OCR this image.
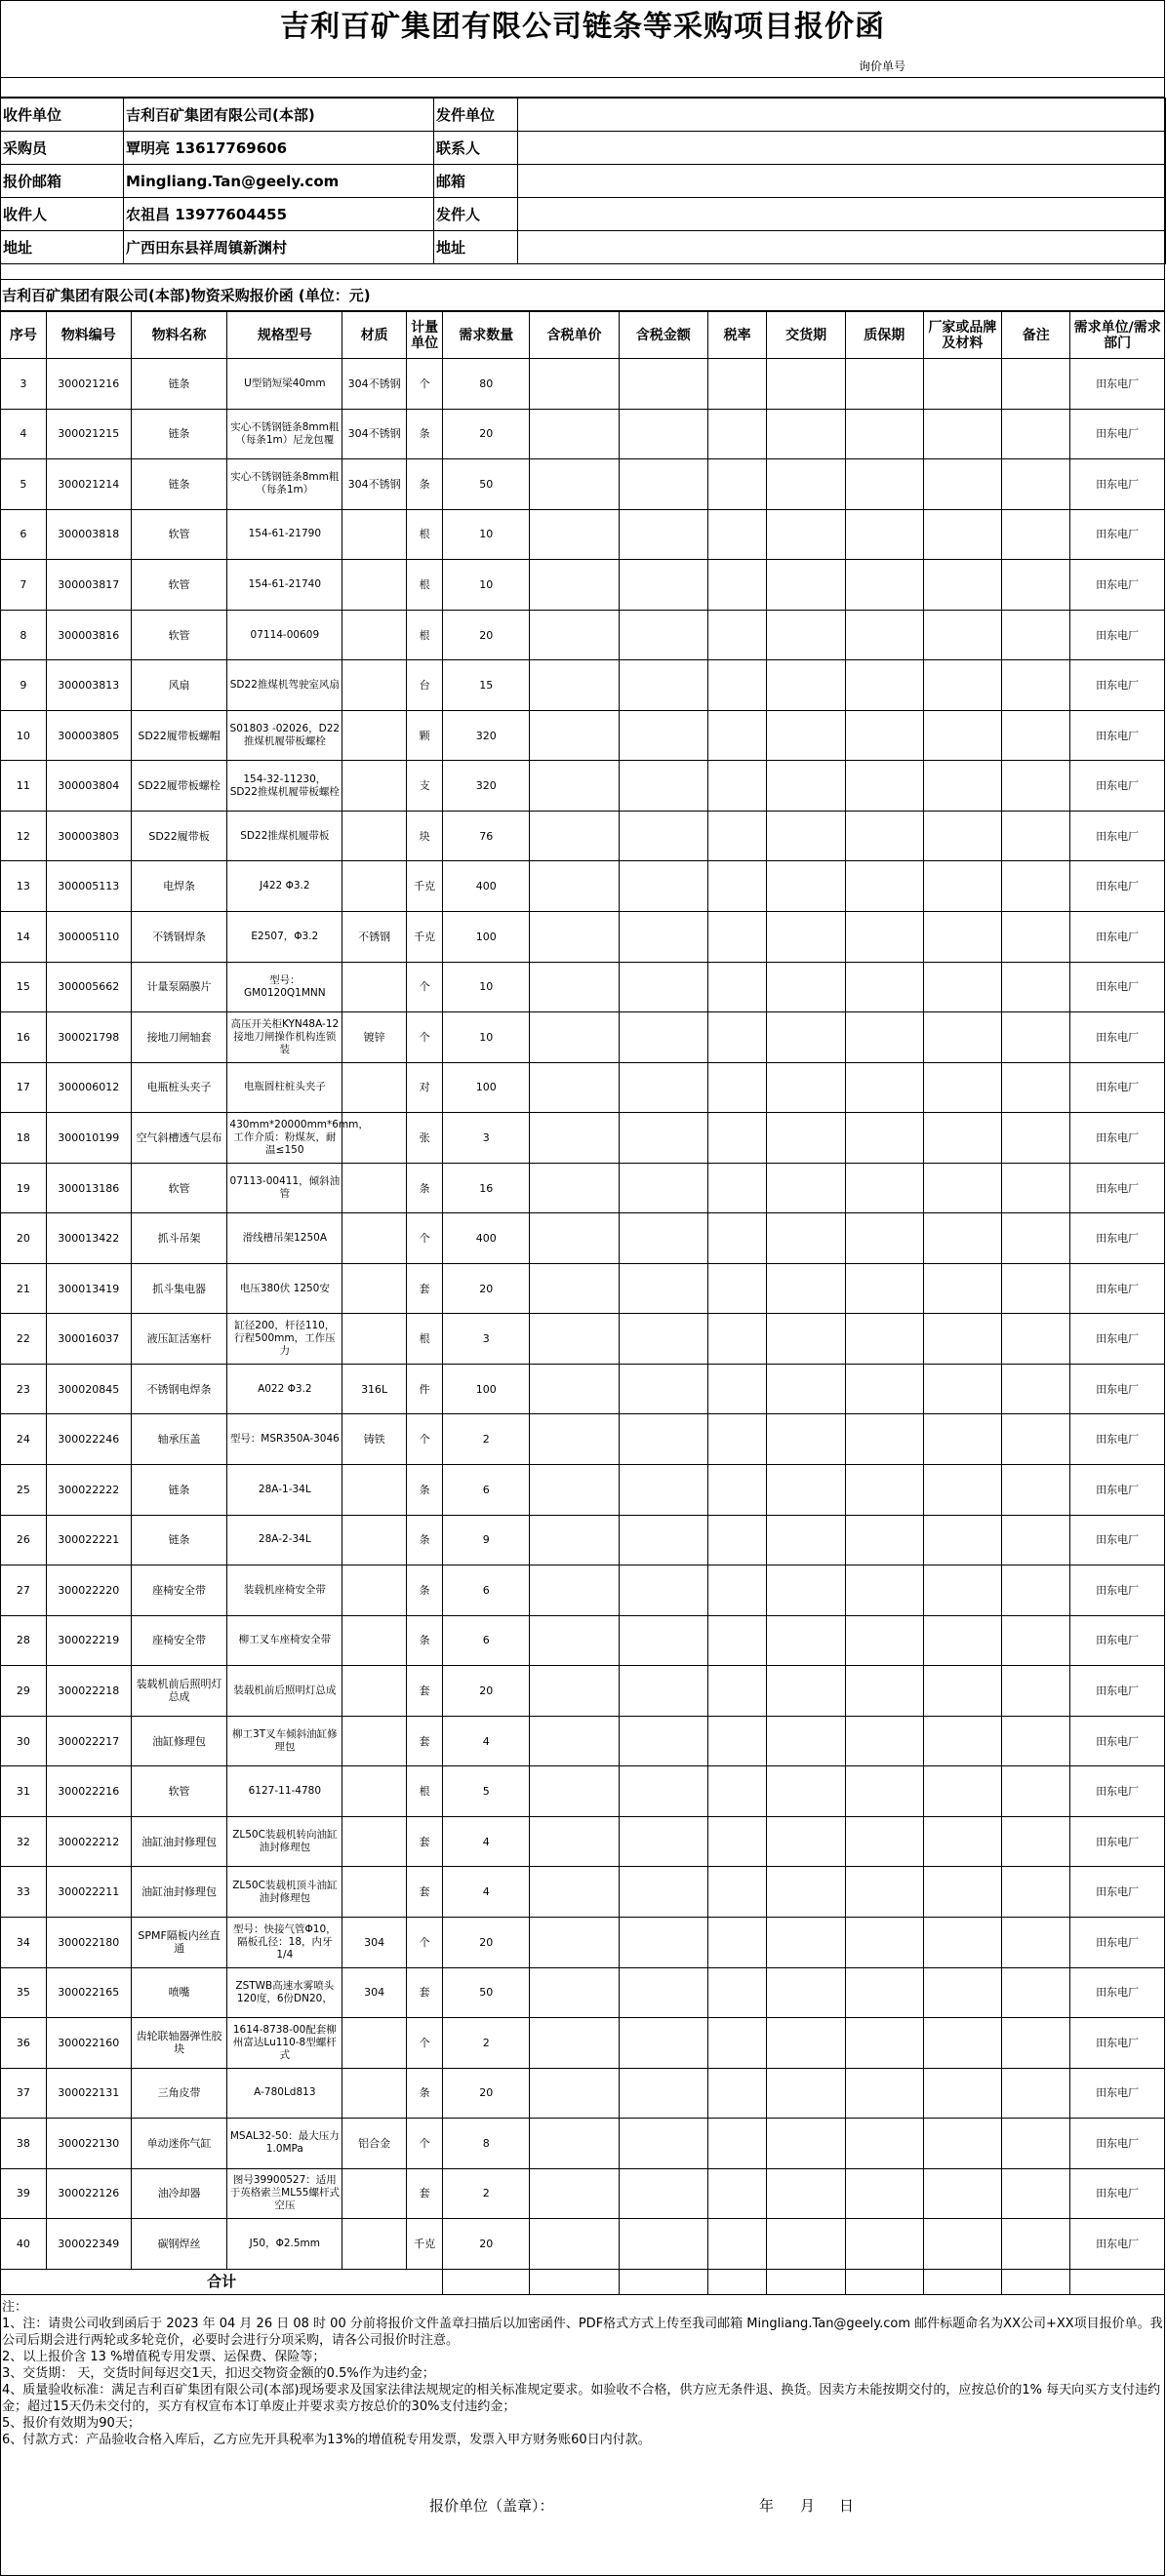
吉利百矿集团有限公司链条等采购项目报价函
询价单号
收件单位	吉利百矿集团有限公司(本部)	发件单位	
采购员	覃明亮 13617769606	联系人	
报价邮箱	Mingliang.Tan@geely.com	邮箱	
收件人	农祖昌 13977604455	发件人	
地址	广西田东县祥周镇新渊村	地址	
吉利百矿集团有限公司(本部)物资采购报价函 (单位：元)
序号	物料编号	物料名称	规格型号	材质	计量单位	需求数量	含税单价	含税金额	税率	交货期	质保期	厂家或品牌及材料	备注	需求单位/需求部门
3	300021216	链条	U型销短梁40mm	304不锈钢	个	80								田东电厂
4	300021215	链条	实心不锈钢链条8mm粗（每条1m）尼龙包覆	304不锈钢	条	20								田东电厂
5	300021214	链条	实心不锈钢链条8mm粗（每条1m）	304不锈钢	条	50								田东电厂
6	300003818	软管	154-61-21790		根	10								田东电厂
7	300003817	软管	154-61-21740		根	10								田东电厂
8	300003816	软管	07114-00609		根	20								田东电厂
9	300003813	风扇	SD22推煤机驾驶室风扇		台	15								田东电厂
10	300003805	SD22履带板螺帽	S01803 -02026，D22推煤机履带板螺栓		颗	320								田东电厂
11	300003804	SD22履带板螺栓	154-32-11230，SD22推煤机履带板螺栓		支	320								田东电厂
12	300003803	SD22履带板	SD22推煤机履带板		块	76								田东电厂
13	300005113	电焊条	J422 Φ3.2		千克	400								田东电厂
14	300005110	不锈钢焊条	E2507，Φ3.2	不锈钢	千克	100								田东电厂
15	300005662	计量泵隔膜片	型号：GM0120Q1MNN		个	10								田东电厂
16	300021798	接地刀闸轴套	高压开关柜KYN48A-12接地刀闸操作机构连锁装	镀锌	个	10								田东电厂
17	300006012	电瓶桩头夹子	电瓶圆柱桩头夹子		对	100								田东电厂
18	300010199	空气斜槽透气层布	430mm*20000mm*6mm，工作介质：粉煤灰，耐温≤150		张	3								田东电厂
19	300013186	软管	07113-00411，倾斜油管		条	16								田东电厂
20	300013422	抓斗吊架	滑线槽吊架1250A		个	400								田东电厂
21	300013419	抓斗集电器	电压380伏 1250安		套	20								田东电厂
22	300016037	液压缸活塞杆	缸径200，杆径110，行程500mm，工作压力		根	3								田东电厂
23	300020845	不锈钢电焊条	A022 Φ3.2	316L	件	100								田东电厂
24	300022246	轴承压盖	型号：MSR350A-3046	铸铁	个	2								田东电厂
25	300022222	链条	28A-1-34L		条	6								田东电厂
26	300022221	链条	28A-2-34L		条	9								田东电厂
27	300022220	座椅安全带	装载机座椅安全带		条	6								田东电厂
28	300022219	座椅安全带	柳工叉车座椅安全带		条	6								田东电厂
29	300022218	装载机前后照明灯总成	装载机前后照明灯总成		套	20								田东电厂
30	300022217	油缸修理包	柳工3T叉车倾斜油缸修理包		套	4								田东电厂
31	300022216	软管	6127-11-4780		根	5								田东电厂
32	300022212	油缸油封修理包	ZL50C装载机转向油缸油封修理包		套	4								田东电厂
33	300022211	油缸油封修理包	ZL50C装载机顶斗油缸油封修理包		套	4								田东电厂
34	300022180	SPMF隔板内丝直通	型号：快接气管Φ10，隔板孔径：18，内牙1/4	304	个	20								田东电厂
35	300022165	喷嘴	ZSTWB高速水雾喷头120度，6份DN20，	304	套	50								田东电厂
36	300022160	齿轮联轴器弹性胶块	1614-8738-00配套柳州富达Lu110-8型螺杆式		个	2								田东电厂
37	300022131	三角皮带	A-780Ld813		条	20								田东电厂
38	300022130	单动迷你气缸	MSAL32-50：最大压力1.0MPa	铝合金	个	8								田东电厂
39	300022126	油冷却器	图号39900527：适用于英格索兰ML55螺杆式空压		套	2								田东电厂
40	300022349	碳钢焊丝	J50，Φ2.5mm		千克	20								田东电厂
合计														

注：

1、注：请贵公司收到函后于 2023 年 04 月 26 日 08 时 00 分前将报价文件盖章扫描后以加密函件、PDF格式方式上传至我司邮箱 Mingliang.Tan@geely.com 邮件标题命名为XX公司+XX项目报价单。我公司后期会进行两轮或多轮竞价，必要时会进行分项采购，请各公司报价时注意。

2、以上报价含 13 %增值税专用发票、运保费、保险等；

3、交货期： 天，交货时间每迟交1天，扣迟交物资金额的0.5%作为违约金；

4、质量验收标准：满足吉利百矿集团有限公司(本部)现场要求及国家法律法规规定的相关标准规定要求。如验收不合格，供方应无条件退、换货。因卖方未能按期交付的，应按总价的1% 每天向买方支付违约金；超过15天仍未交付的，买方有权宣布本订单废止并要求卖方按总价的30%支付违约金；

5、报价有效期为90天；

6、付款方式：产品验收合格入库后，乙方应先开具税率为13%的增值税专用发票，发票入甲方财务账60日内付款。

报价单位（盖章）：	年 月 日
